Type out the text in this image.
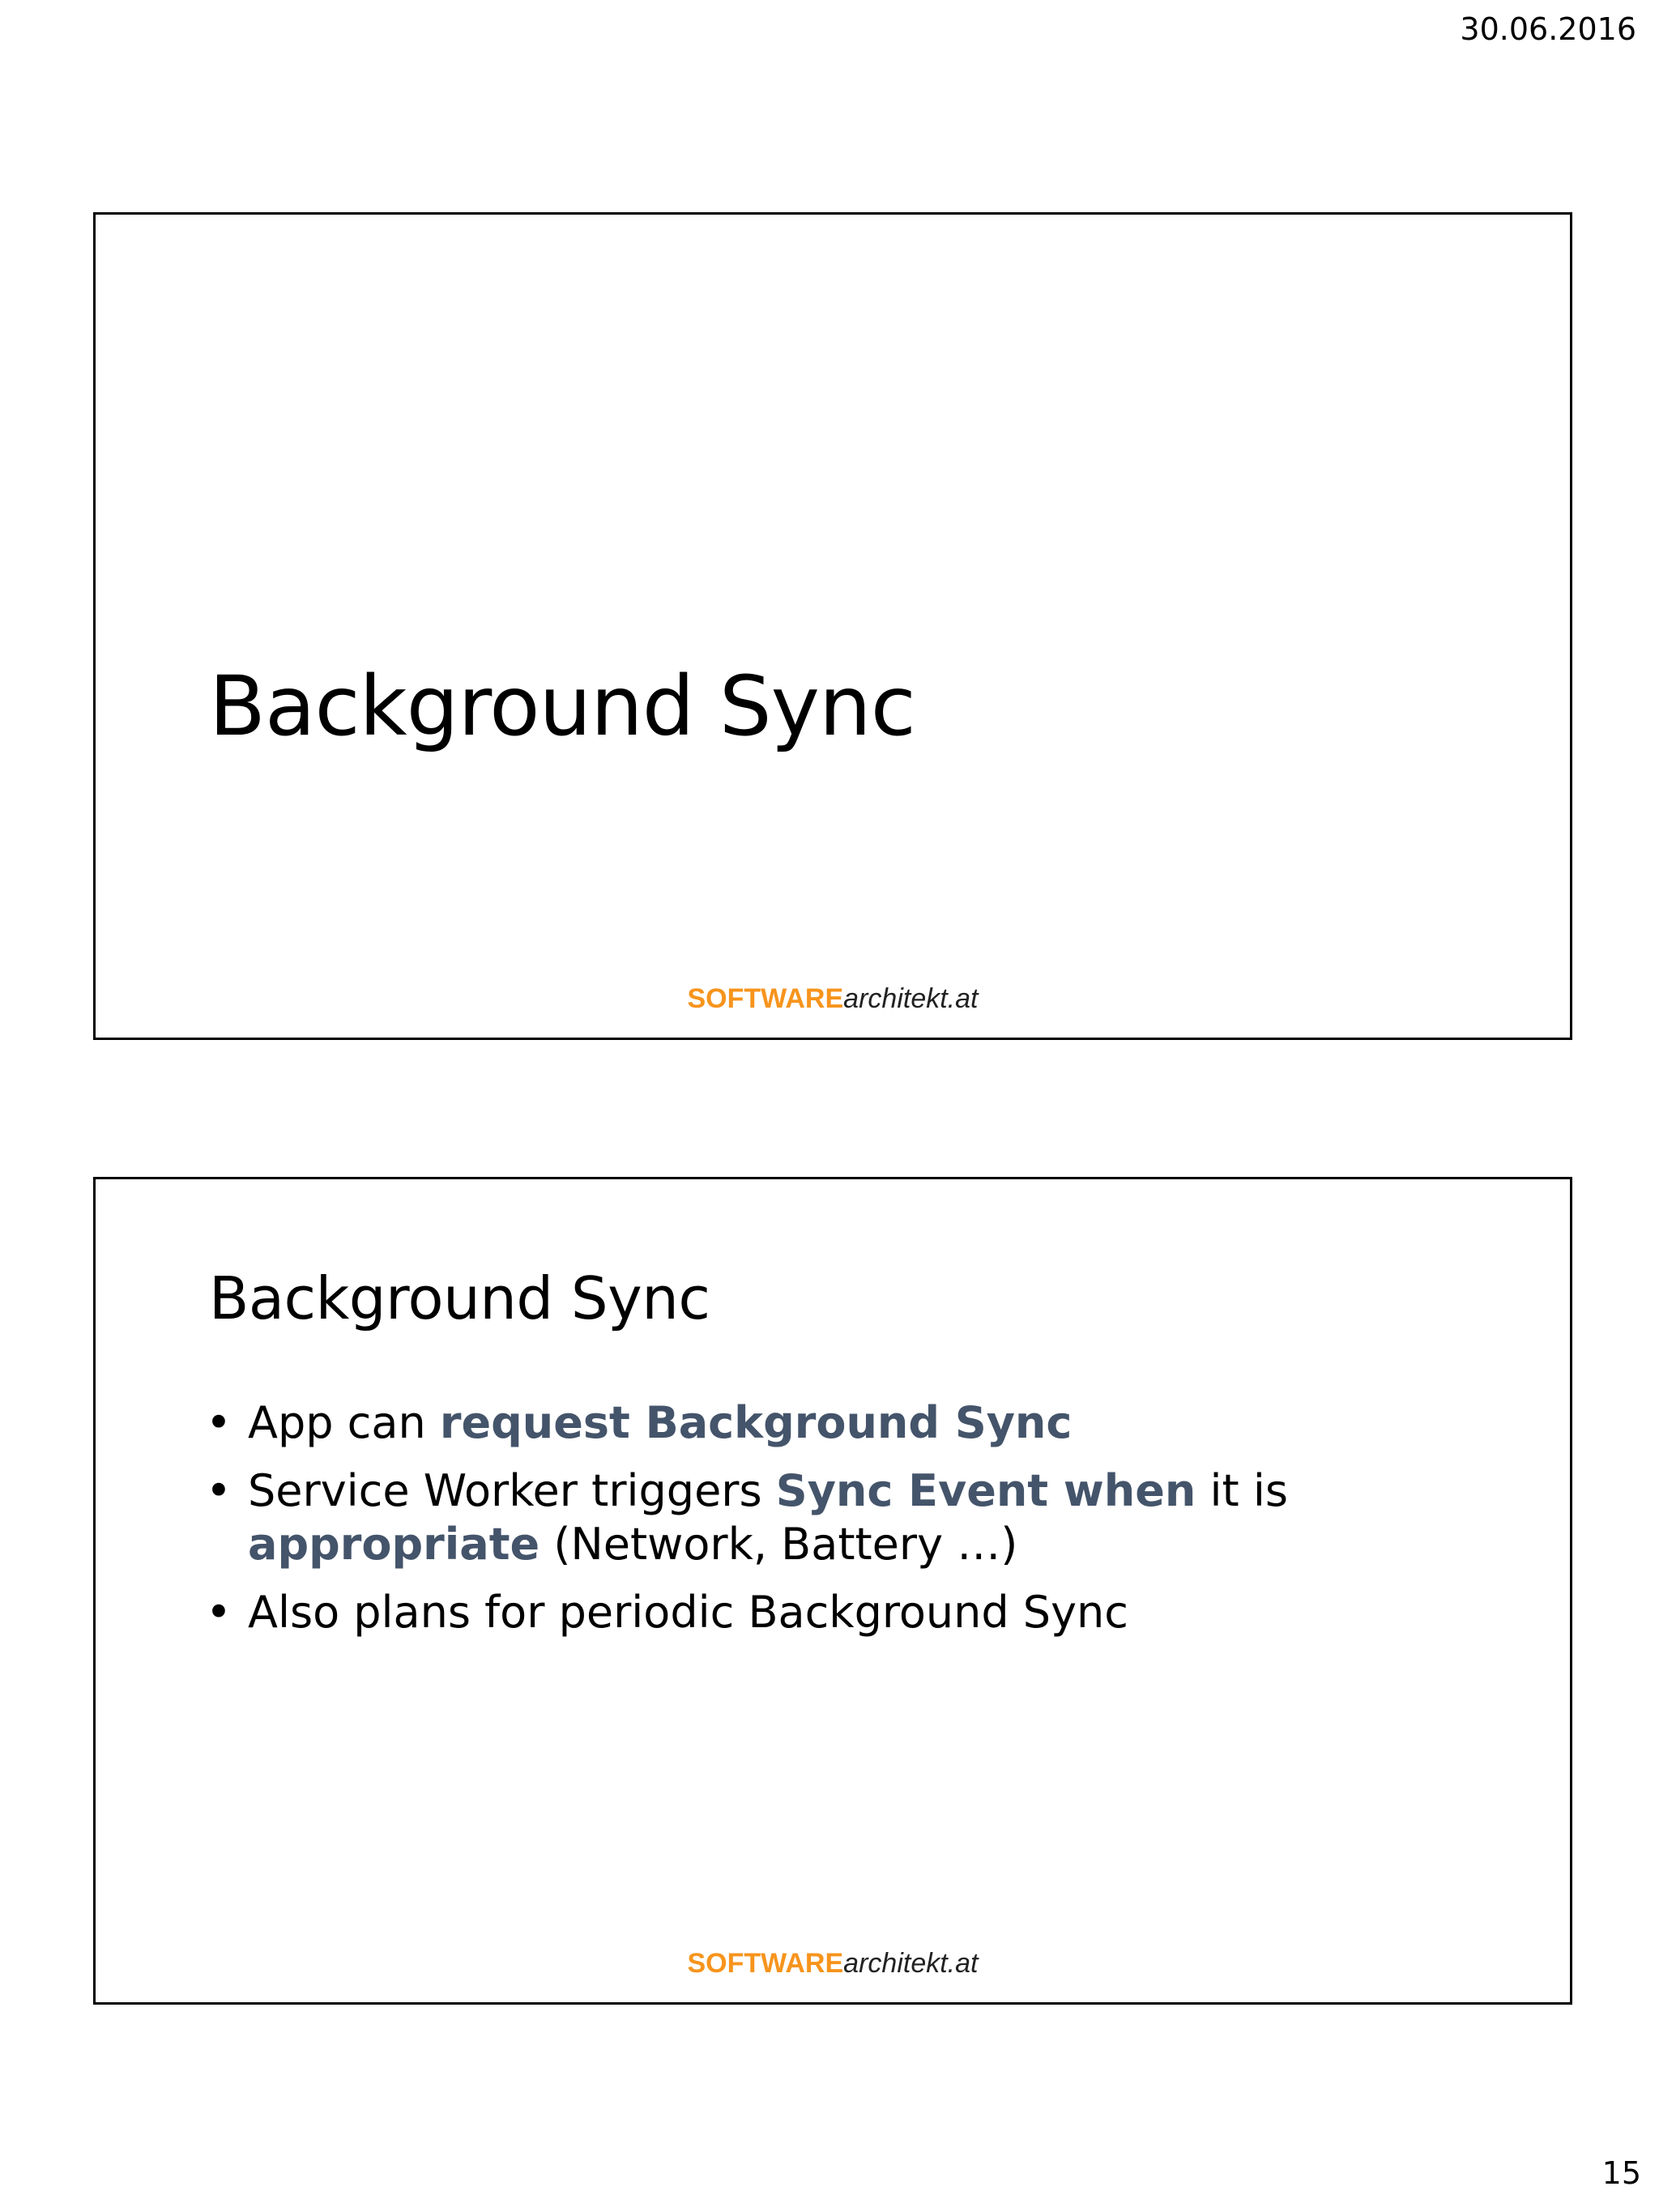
30.06.2016
Background Sync
SOFTWAREarchitekt.at
Background Sync
• App can request Background Sync
• Service Worker triggers Sync Event when it is appropriate (Network, Battery …)
• Also plans for periodic Background Sync
SOFTWAREarchitekt.at
15
